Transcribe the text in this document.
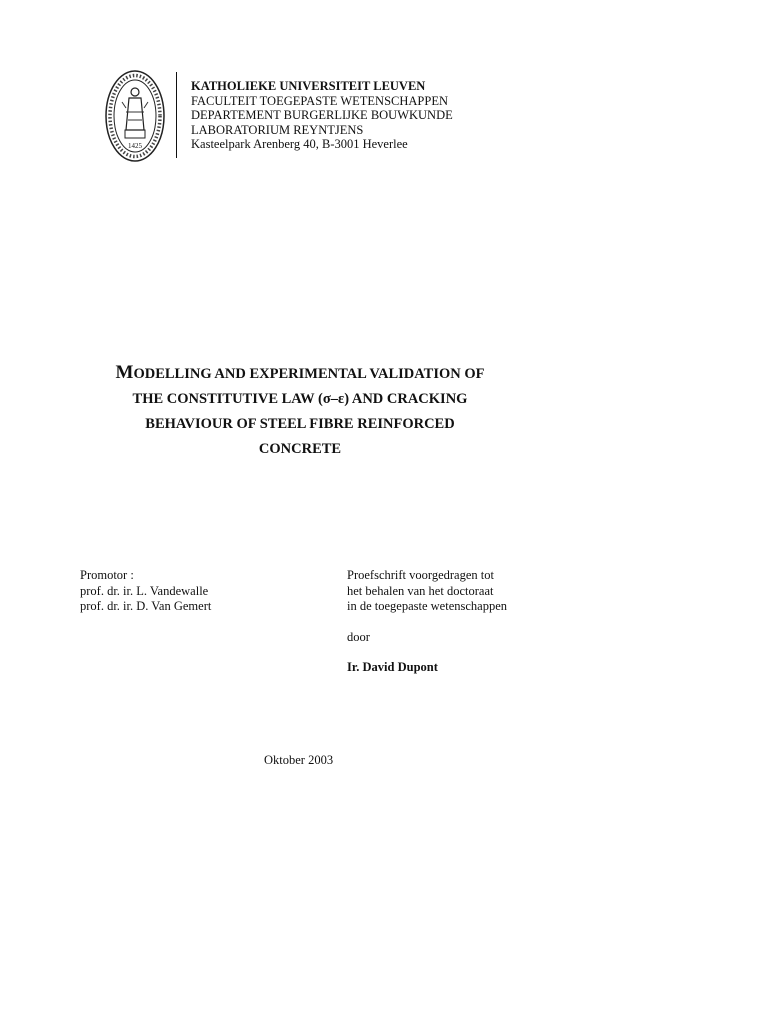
1425
KATHOLIEKE UNIVERSITEIT LEUVEN
FACULTEIT TOEGEPASTE WETENSCHAPPEN
DEPARTEMENT BURGERLIJKE BOUWKUNDE
LABORATORIUM REYNTJENS
Kasteelpark Arenberg 40, B-3001 Heverlee
MODELLING AND EXPERIMENTAL VALIDATION OF
THE CONSTITUTIVE LAW (σ–ε) AND CRACKING
BEHAVIOUR OF STEEL FIBRE REINFORCED
CONCRETE
Promotor :
prof. dr. ir. L. Vandewalle
prof. dr. ir. D. Van Gemert
Proefschrift voorgedragen tot
het behalen van het doctoraat
in de toegepaste wetenschappen
door
Ir. David Dupont
Oktober 2003
